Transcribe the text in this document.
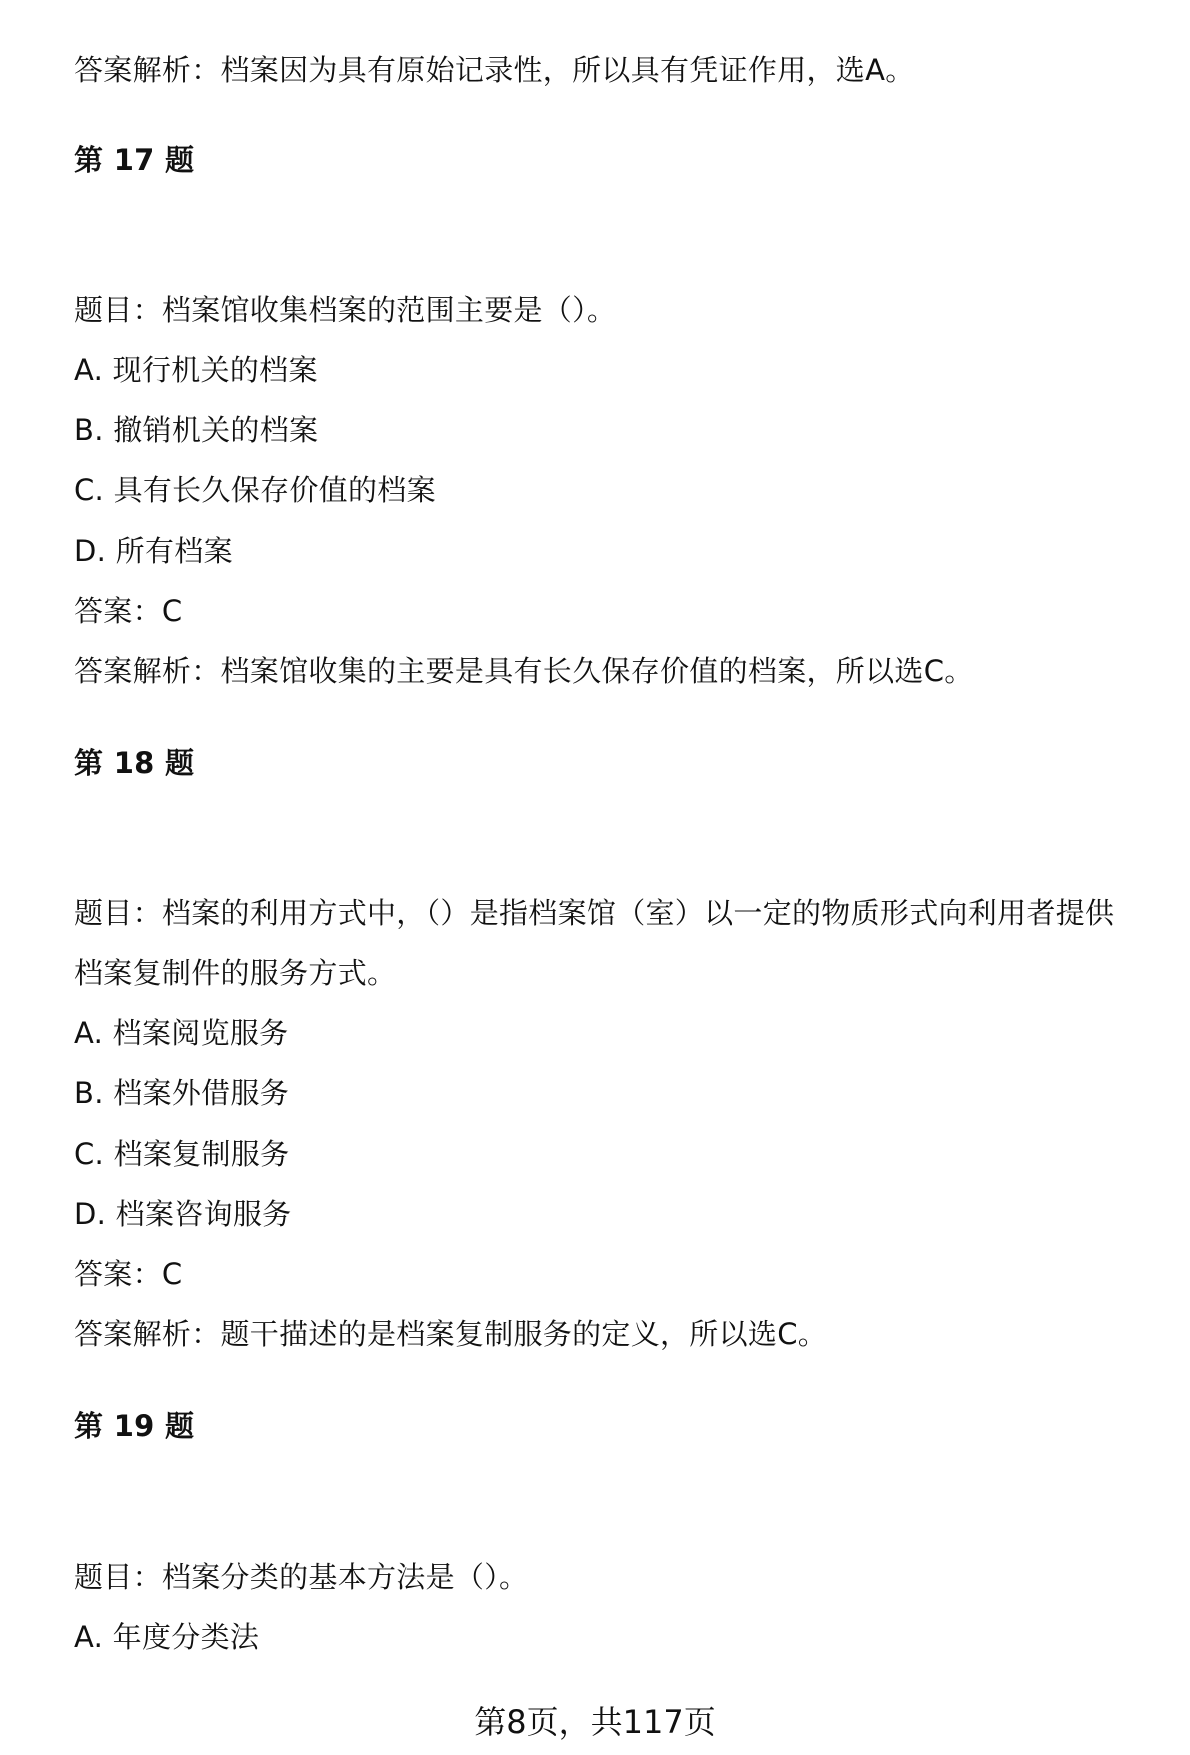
答案解析：档案因为具有原始记录性，所以具有凭证作用，选A。
第 17 题
题目：档案馆收集档案的范围主要是（）。
A. 现行机关的档案
B. 撤销机关的档案
C. 具有长久保存价值的档案
D. 所有档案
答案：C
答案解析：档案馆收集的主要是具有长久保存价值的档案，所以选C。
第 18 题
题目：档案的利用方式中，（）是指档案馆（室）以一定的物质形式向利用者提供
档案复制件的服务方式。
A. 档案阅览服务
B. 档案外借服务
C. 档案复制服务
D. 档案咨询服务
答案：C
答案解析：题干描述的是档案复制服务的定义，所以选C。
第 19 题
题目：档案分类的基本方法是（）。
A. 年度分类法
第8页，共117页
